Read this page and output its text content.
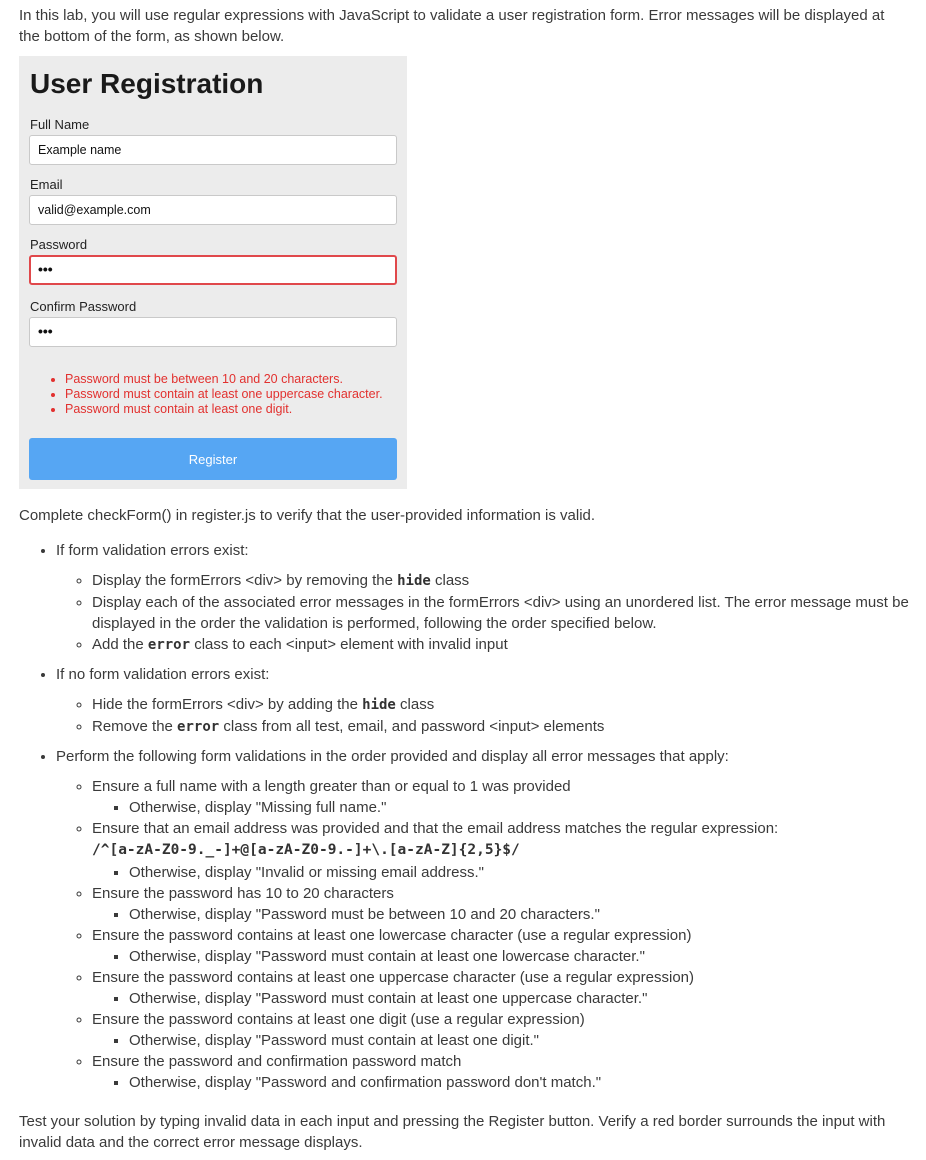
In this lab, you will use regular expressions with JavaScript to validate a user registration form. Error messages will be displayed at the bottom of the form, as shown below.

User Registration
Full Name
Example name
Email
valid@example.com
Password
•••
Confirm Password
•••
• Password must be between 10 and 20 characters.
• Password must contain at least one uppercase character.
• Password must contain at least one digit.
Register

Complete checkForm() in register.js to verify that the user-provided information is valid.

• If form validation errors exist:
◦ Display the formErrors <div> by removing the hide class
◦ Display each of the associated error messages in the formErrors <div> using an unordered list. The error message must be displayed in the order the validation is performed, following the order specified below.
◦ Add the error class to each <input> element with invalid input
• If no form validation errors exist:
◦ Hide the formErrors <div> by adding the hide class
◦ Remove the error class from all test, email, and password <input> elements
• Perform the following form validations in the order provided and display all error messages that apply:
◦ Ensure a full name with a length greater than or equal to 1 was provided
▪ Otherwise, display "Missing full name."
◦ Ensure that an email address was provided and that the email address matches the regular expression:
/^[a-zA-Z0-9._-]+@[a-zA-Z0-9.-]+\.[a-zA-Z]{2,5}$/
▪ Otherwise, display "Invalid or missing email address."
◦ Ensure the password has 10 to 20 characters
▪ Otherwise, display "Password must be between 10 and 20 characters."
◦ Ensure the password contains at least one lowercase character (use a regular expression)
▪ Otherwise, display "Password must contain at least one lowercase character."
◦ Ensure the password contains at least one uppercase character (use a regular expression)
▪ Otherwise, display "Password must contain at least one uppercase character."
◦ Ensure the password contains at least one digit (use a regular expression)
▪ Otherwise, display "Password must contain at least one digit."
◦ Ensure the password and confirmation password match
▪ Otherwise, display "Password and confirmation password don't match."

Test your solution by typing invalid data in each input and pressing the Register button. Verify a red border surrounds the input with invalid data and the correct error message displays.
